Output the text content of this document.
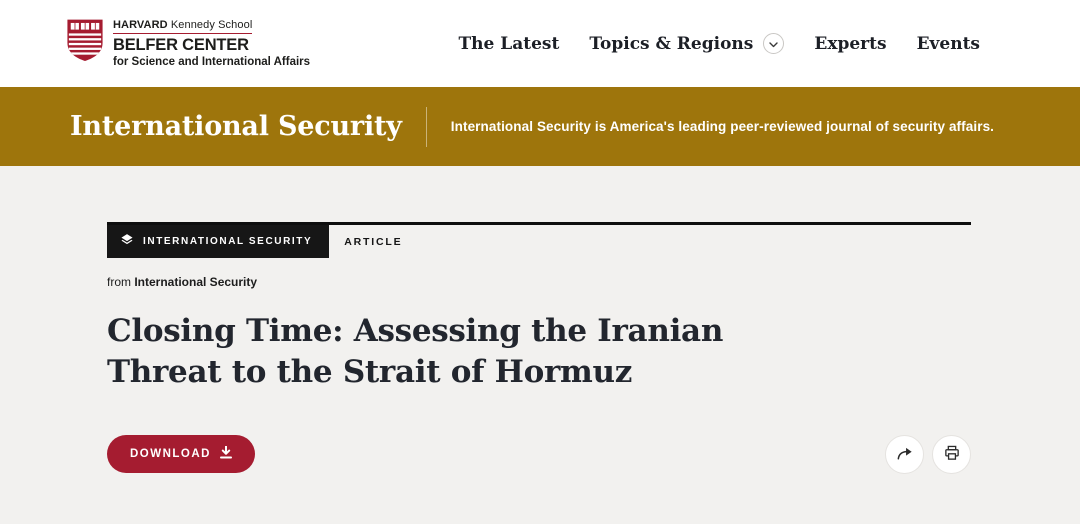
HARVARD Kennedy School
BELFER CENTER
for Science and International Affairs
The Latest Topics & Regions	Experts Events
International Security	International Security is America's leading peer-reviewed journal of security affairs.

INTERNATIONAL SECURITY	ARTICLE

from International Security

Closing Time: Assessing the Iranian Threat to the Strait of Hormuz
DOWNLOAD
